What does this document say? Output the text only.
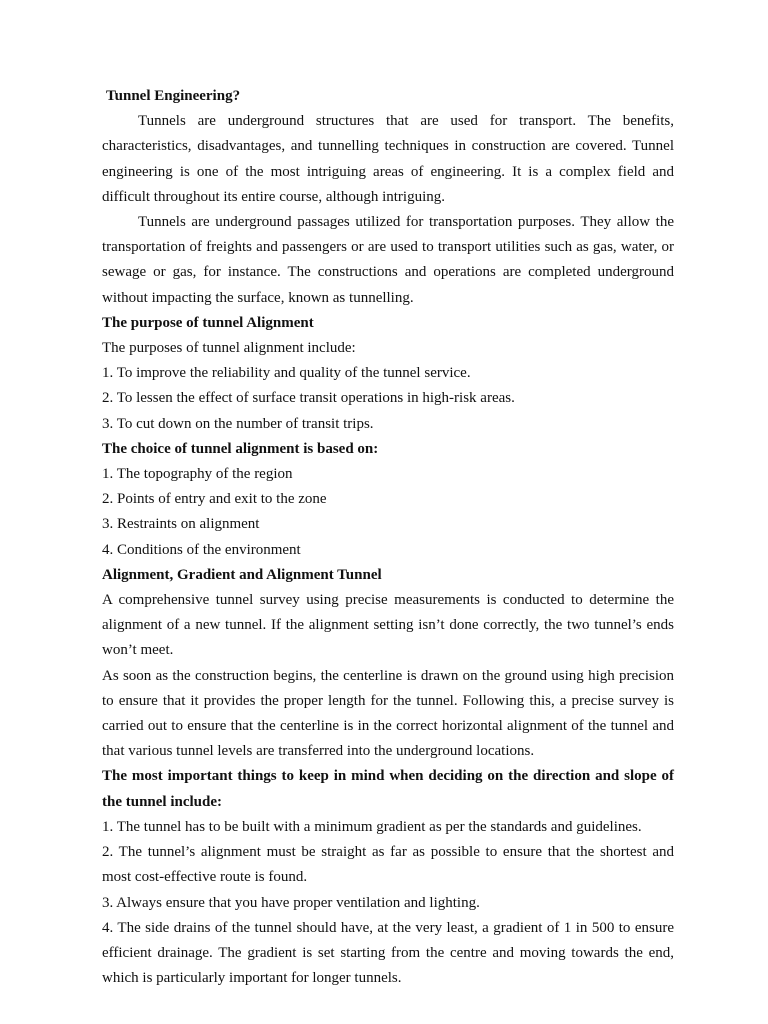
Tunnel Engineering?

Tunnels are underground structures that are used for transport. The benefits, characteristics, disadvantages, and tunnelling techniques in construction are covered. Tunnel engineering is one of the most intriguing areas of engineering. It is a complex field and difficult throughout its entire course, although intriguing.

Tunnels are underground passages utilized for transportation purposes. They allow the transportation of freights and passengers or are used to transport utilities such as gas, water, or sewage or gas, for instance. The constructions and operations are completed underground without impacting the surface, known as tunnelling.

The purpose of tunnel Alignment

The purposes of tunnel alignment include:

1. To improve the reliability and quality of the tunnel service.

2. To lessen the effect of surface transit operations in high-risk areas.

3. To cut down on the number of transit trips.

The choice of tunnel alignment is based on:

1. The topography of the region

2. Points of entry and exit to the zone

3. Restraints on alignment

4. Conditions of the environment

Alignment, Gradient and Alignment Tunnel

A comprehensive tunnel survey using precise measurements is conducted to determine the alignment of a new tunnel. If the alignment setting isn’t done correctly, the two tunnel’s ends won’t meet.

As soon as the construction begins, the centerline is drawn on the ground using high precision to ensure that it provides the proper length for the tunnel. Following this, a precise survey is carried out to ensure that the centerline is in the correct horizontal alignment of the tunnel and that various tunnel levels are transferred into the underground locations.

The most important things to keep in mind when deciding on the direction and slope of the tunnel include:

1. The tunnel has to be built with a minimum gradient as per the standards and guidelines.

2. The tunnel’s alignment must be straight as far as possible to ensure that the shortest and most cost-effective route is found.

3. Always ensure that you have proper ventilation and lighting.

4. The side drains of the tunnel should have, at the very least, a gradient of 1 in 500 to ensure efficient drainage. The gradient is set starting from the centre and moving towards the end, which is particularly important for longer tunnels.
